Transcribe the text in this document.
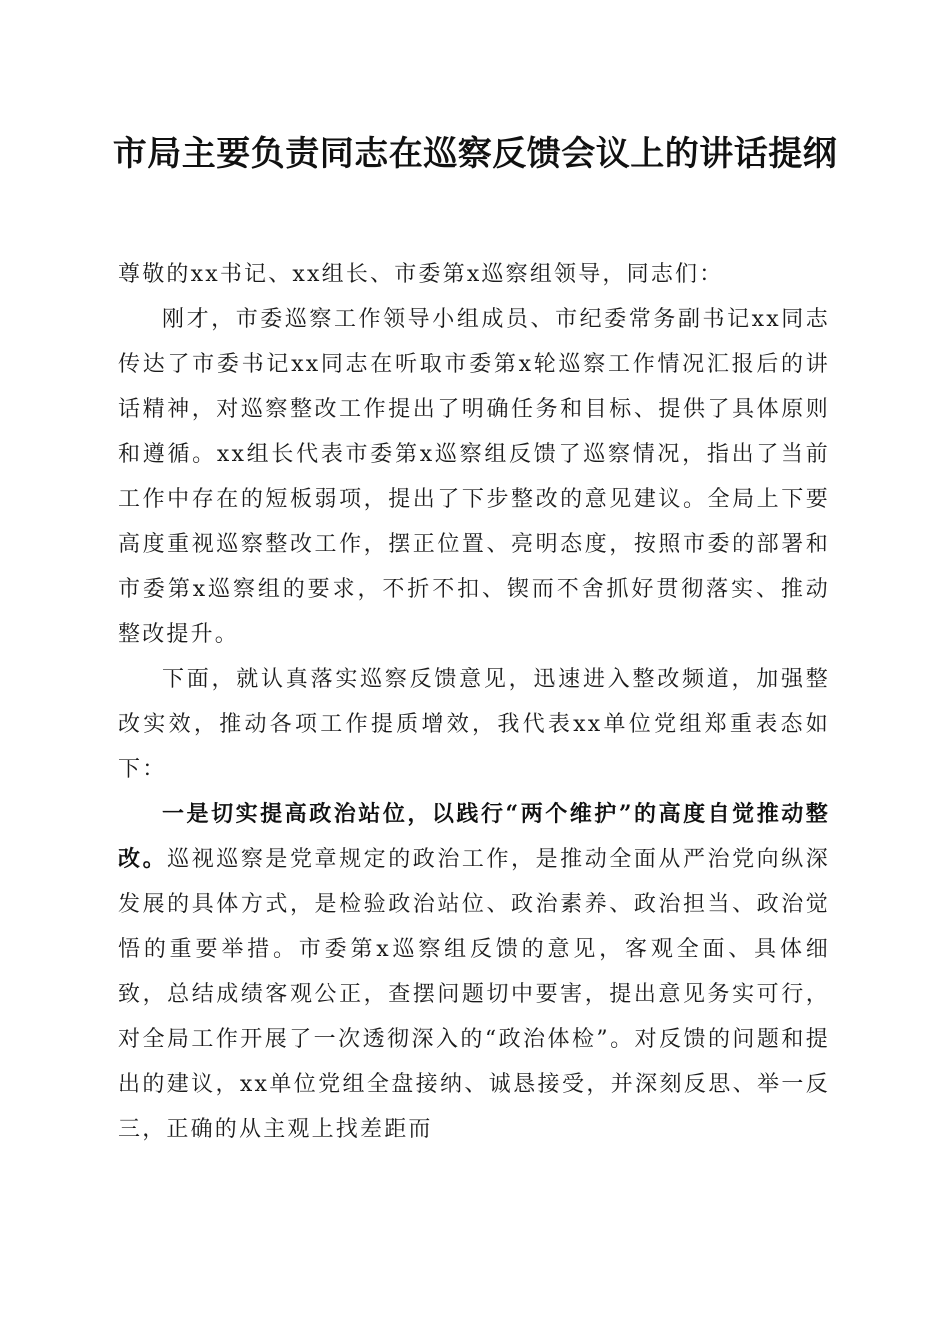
市局主要负责同志在巡察反馈会议上的讲话提纲

尊敬的xx书记、xx组长、市委第x巡察组领导，同志们：

刚才，市委巡察工作领导小组成员、市纪委常务副书记xx同志传达了市委书记xx同志在听取市委第x轮巡察工作情况汇报后的讲话精神，对巡察整改工作提出了明确任务和目标、提供了具体原则和遵循。xx组长代表市委第x巡察组反馈了巡察情况，指出了当前工作中存在的短板弱项，提出了下步整改的意见建议。全局上下要高度重视巡察整改工作，摆正位置、亮明态度，按照市委的部署和市委第x巡察组的要求，不折不扣、锲而不舍抓好贯彻落实、推动整改提升。

下面，就认真落实巡察反馈意见，迅速进入整改频道，加强整改实效，推动各项工作提质增效，我代表xx单位党组郑重表态如下：

一是切实提高政治站位，以践行“两个维护”的高度自觉推动整改。巡视巡察是党章规定的政治工作，是推动全面从严治党向纵深发展的具体方式，是检验政治站位、政治素养、政治担当、政治觉悟的重要举措。市委第x巡察组反馈的意见，客观全面、具体细致，总结成绩客观公正，查摆问题切中要害，提出意见务实可行，对全局工作开展了一次透彻深入的“政治体检”。对反馈的问题和提出的建议，xx单位党组全盘接纳、诚恳接受，并深刻反思、举一反三，正确的从主观上找差距而
